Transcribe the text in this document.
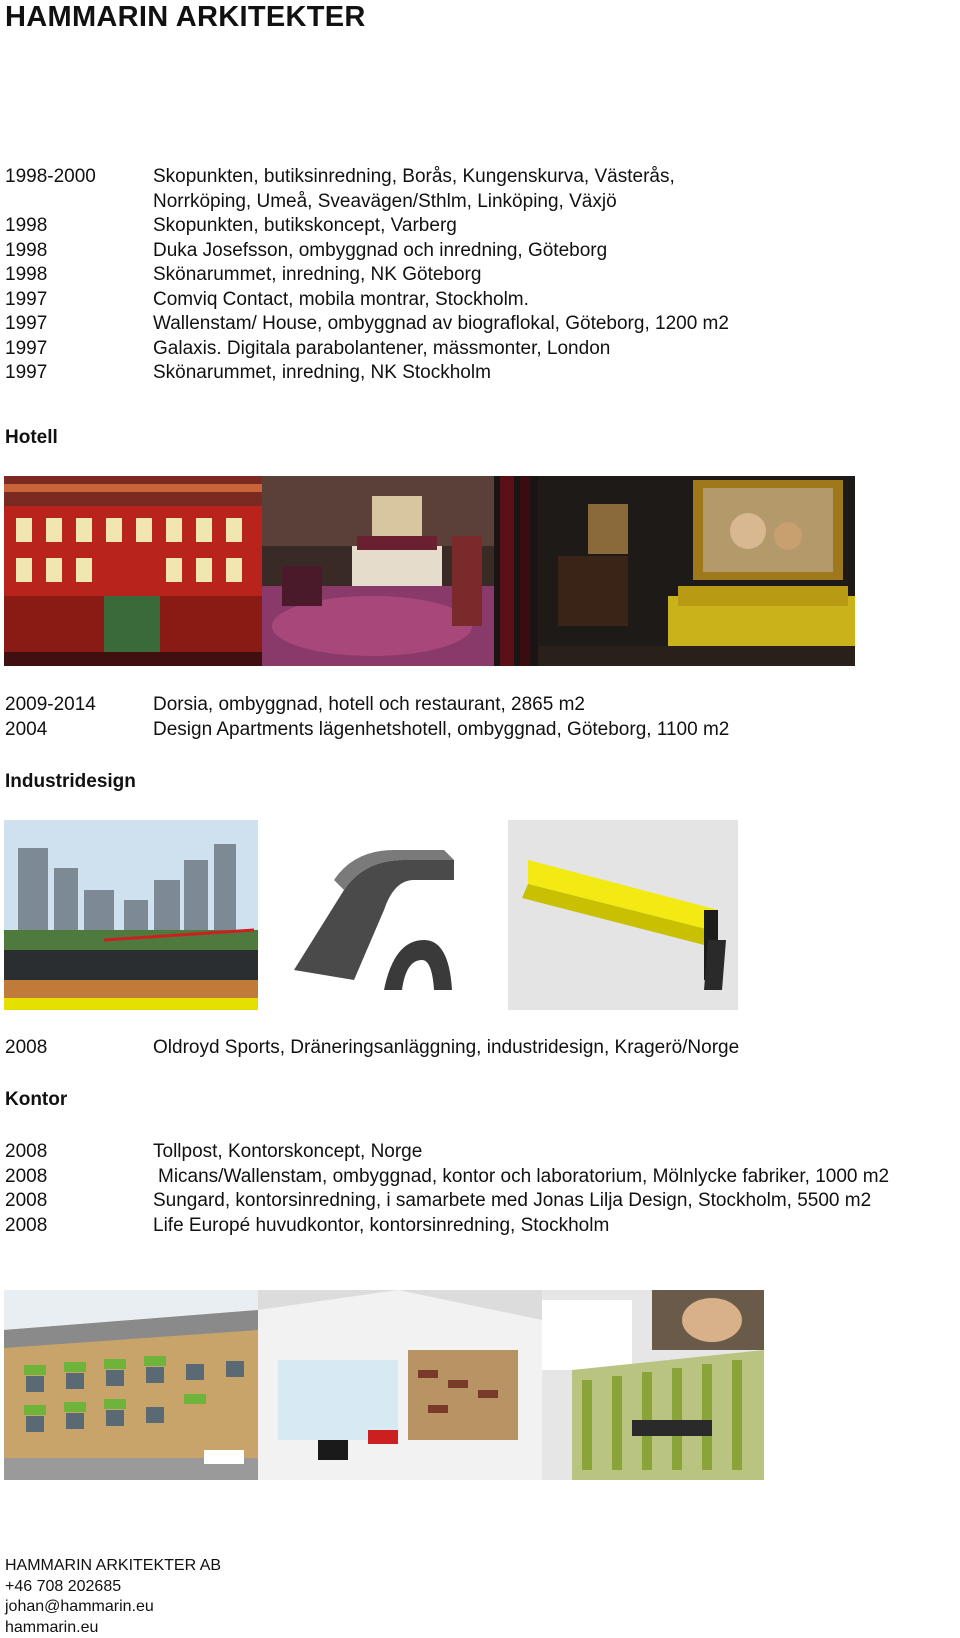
HAMMARIN ARKITEKTER
1998-2000	Skopunkten, butiksinredning, Borås, Kungenskurva, Västerås,
Norrköping, Umeå, Sveavägen/Sthlm, Linköping, Växjö
1998	Skopunkten, butikskoncept, Varberg
1998	Duka Josefsson, ombyggnad och inredning, Göteborg
1998	Skönarummet, inredning, NK Göteborg
1997	Comviq Contact, mobila montrar, Stockholm.
1997	Wallenstam/ House, ombyggnad av biograflokal, Göteborg, 1200 m2
1997	Galaxis. Digitala parabolantener, mässmonter, London
1997	Skönarummet, inredning, NK Stockholm
Hotell
2009-2014	Dorsia, ombyggnad, hotell och restaurant, 2865 m2
2004	Design Apartments lägenhetshotell, ombyggnad, Göteborg, 1100 m2
Industridesign
2008	Oldroyd Sports, Dräneringsanläggning, industridesign, Kragerö/Norge
Kontor
2008	Tollpost, Kontorskoncept, Norge
2008	Micans/Wallenstam, ombyggnad, kontor och laboratorium, Mölnlycke fabriker, 1000 m2
2008	Sungard, kontorsinredning, i samarbete med Jonas Lilja Design, Stockholm, 5500 m2
2008	Life Europé huvudkontor, kontorsinredning, Stockholm
HAMMARIN ARKITEKTER AB
+46 708 202685
johan@hammarin.eu
hammarin.eu
